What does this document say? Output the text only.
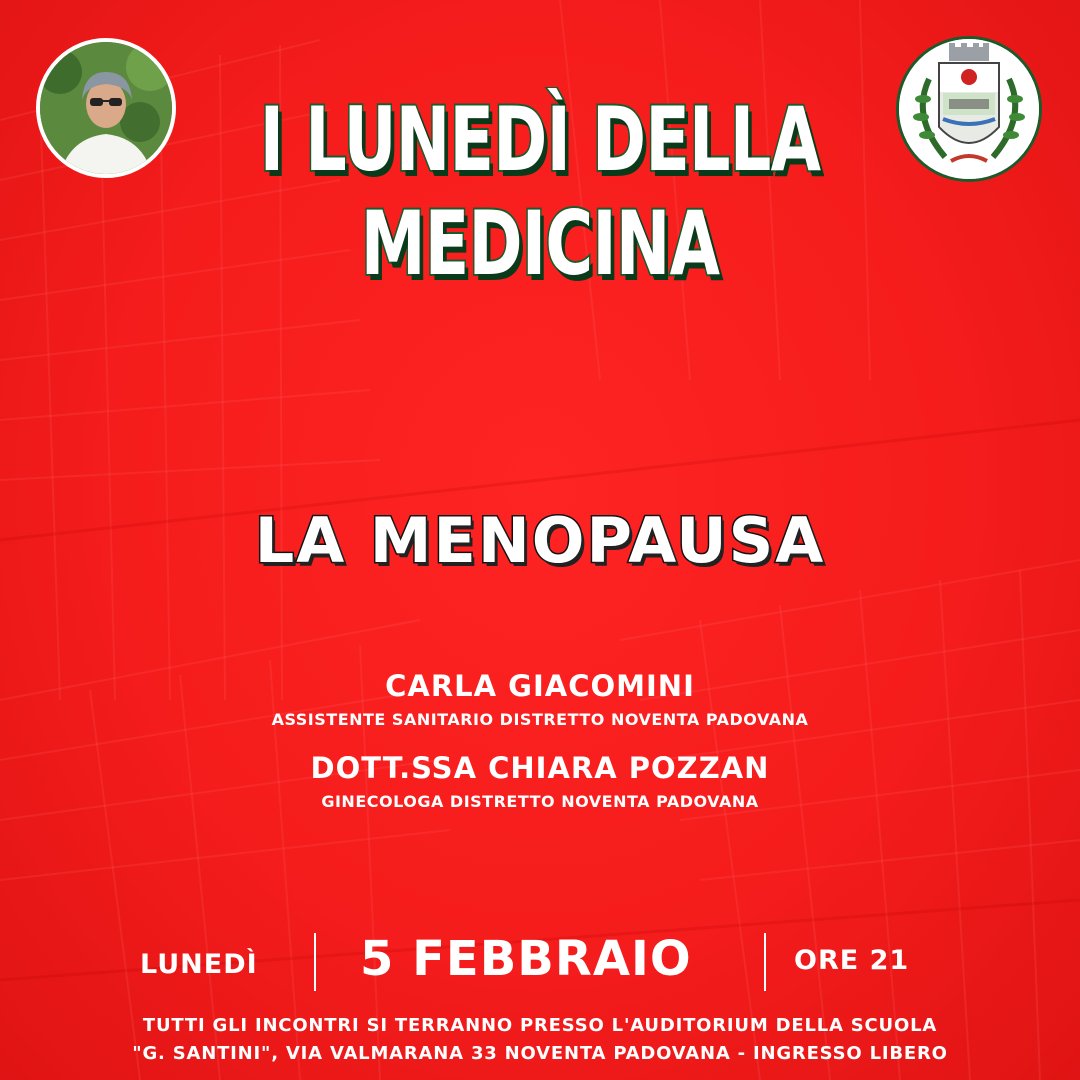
I LUNEDÌ DELLA
MEDICINA
LA MENOPAUSA
CARLA GIACOMINI
ASSISTENTE SANITARIO DISTRETTO NOVENTA PADOVANA
DOTT.SSA CHIARA POZZAN
GINECOLOGA DISTRETTO NOVENTA PADOVANA
LUNEDÌ 5 FEBBRAIO	ORE 21
TUTTI GLI INCONTRI SI TERRANNO PRESSO L'AUDITORIUM DELLA SCUOLA
"G. SANTINI", VIA VALMARANA 33 NOVENTA PADOVANA - INGRESSO LIBERO
